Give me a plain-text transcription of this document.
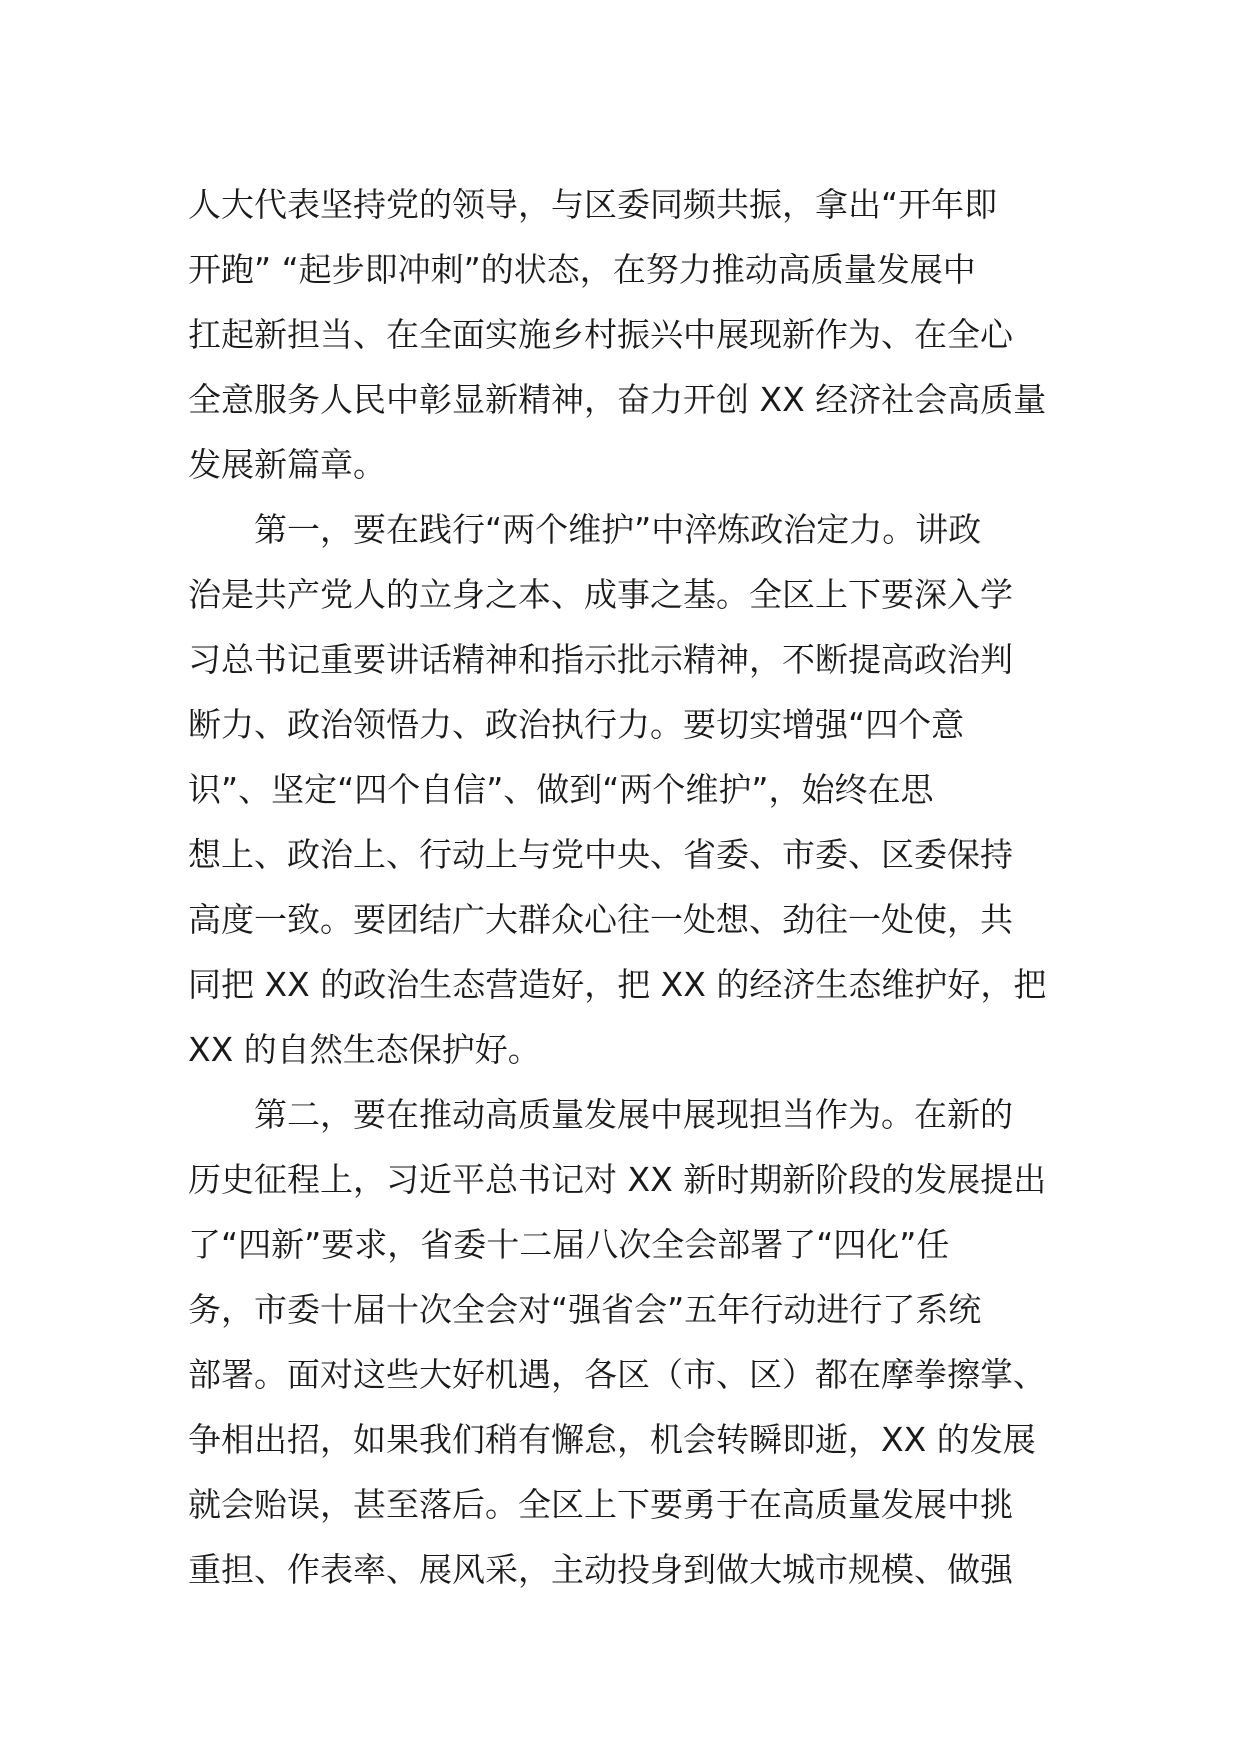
人大代表坚持党的领导，与区委同频共振，拿出“开年即
开跑” “起步即冲刺”的状态，在努力推动高质量发展中
扛起新担当、在全面实施乡村振兴中展现新作为、在全心
全意服务人民中彰显新精神，奋力开创 XX 经济社会高质量
发展新篇章。
　　第一，要在践行“两个维护”中淬炼政治定力。讲政
治是共产党人的立身之本、成事之基。全区上下要深入学
习总书记重要讲话精神和指示批示精神，不断提高政治判
断力、政治领悟力、政治执行力。要切实增强“四个意
识”、坚定“四个自信”、做到“两个维护”，始终在思
想上、政治上、行动上与党中央、省委、市委、区委保持
高度一致。要团结广大群众心往一处想、劲往一处使，共
同把 XX 的政治生态营造好，把 XX 的经济生态维护好，把
XX 的自然生态保护好。
　　第二，要在推动高质量发展中展现担当作为。在新的
历史征程上，习近平总书记对 XX 新时期新阶段的发展提出
了“四新”要求，省委十二届八次全会部署了“四化”任
务，市委十届十次全会对“强省会”五年行动进行了系统
部署。面对这些大好机遇，各区（市、区）都在摩拳擦掌、
争相出招，如果我们稍有懈怠，机会转瞬即逝，XX 的发展
就会贻误，甚至落后。全区上下要勇于在高质量发展中挑
重担、作表率、展风采，主动投身到做大城市规模、做强
